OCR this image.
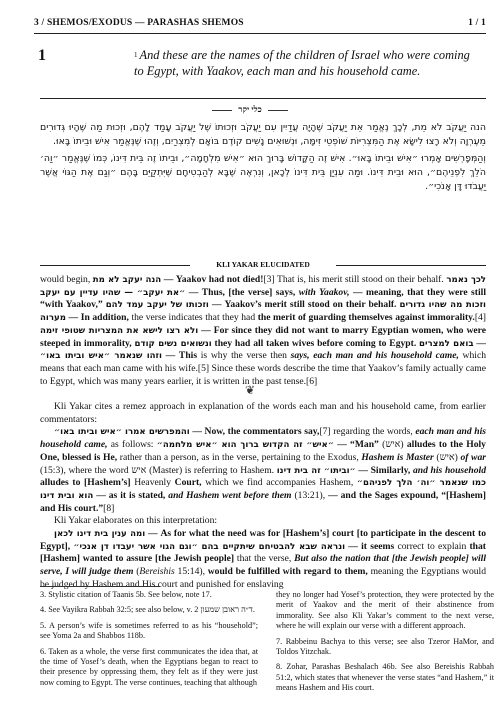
3 / SHEMOS/EXODUS — PARASHAS SHEMOS	1 / 1
1	$^1$ And these are the names of the children of Israel who were coming to Egypt, with Yaakov, each man and his household came.
כלי יקר

הנה יַעֲקֹב לֹא מֵת, לְכָךְ נֶאֱמַר אֵת יַעֲקֹב שֶׁהָיָה עֲדַיִין עִם יַעֲקֹב וּזְכוּתוֹ שֶׁל יַעֲקֹב עָמַד לָהֶם, וּזְכוּת מַה שֶּׁהָיוּ גְּדוּרִים מֵעֶרְוָה וְלֹא רָצוּ לִישָּׂא אֶת הַמִּצְרִיּוֹת שׁוֹפְטֵי זִימָּה, וּנְשׁוּאִים נָשִׁים קוֹדֶם בּוֹאָם לְמִצְרַיִם, וְזֶהוּ שֶׁנֶּאֱמַר אִישׁ וּבֵיתוֹ בָּאוּ.

וְהַמְּפָרְשִׁים אָמְרוּ ״אִישׁ וּבֵיתוֹ בָּאוּ״. אִישׁ זֶה הַקָּדוֹשׁ בָּרוּךְ הוּא ״אִישׁ מִלְחָמָה״, וּבֵיתוֹ זֶה בֵּית דִּינוֹ, כְּמוֹ שֶׁנֶּאֱמַר ״וַה׳ הֹלֵךְ לִפְנֵיהֶם״, הוּא וּבֵית דִּינוֹ. וּמַה עִנְיַן בֵּית דִּינוֹ לְכָאן, וְנִרְאֶה שֶׁבָּא לְהַבְטִיחָם שֶׁיִּתְקַיֵּם בָּהֶם ״וְגַם אֶת הַגּוֹי אֲשֶׁר יַעֲבֹדוּ דָּן אָנֹכִי״.

KLI YAKAR ELUCIDATED

would begin, הנה יעקב לא מת — Yaakov had not died![3] That is, his merit still stood on their behalf. לכך נאמר ״את יעקב״ — שהיו עדיין עם יעקב — Thus, [the verse] says, with Yaakov, — meaning, that they were still “with Yaakov,” וזכותו של יעקב עמד להם — Yaakov’s merit still stood on their behalf. וזכות מה שהיו גדורים מערוה — In addition, the verse indicates that they had the merit of guarding themselves against immorality.[4] ולא רצו לישא את המצריות שטופי זימה — For since they did not want to marry Egyptian women, who were steeped in immorality, ונשואים נשים קודם they had all taken wives before coming to Egypt. בואם למצרים — וזהו שנאמר ״איש וביתו באו״ — This is why the verse then says, each man and his household came, which means that each man came with his wife.[5] Since these words describe the time that Yaakov’s family actually came to Egypt, which was many years earlier, it is written in the past tense.[6]

❦

Kli Yakar cites a remez approach in explanation of the words each man and his household came, from earlier commentators:

והמפרשים אמרו ״איש וביתו באו״ — Now, the commentators say,[7] regarding the words, each man and his household came, as follows: ״איש״ זה הקדוש ברוך הוא ״איש מלחמה״ — “Man” (איש) alludes to the Holy One, blessed is He, rather than a person, as in the verse, pertaining to the Exodus, Hashem is Master (איש) of war (15:3), where the word איש (Master) is referring to Hashem. ״וביתו״ זה בית דינו — Similarly, and his household alludes to [Hashem’s] Heavenly Court, which we find accompanies Hashem, כמו שנאמר ״וה׳ הלך לפניהם״ הוא ובית דינו — as it is stated, and Hashem went before them (13:21), — and the Sages expound, “[Hashem] and His court.”[8]

Kli Yakar elaborates on this interpretation:

ומה ענין בית דינו לכאן — As for what the need was for [Hashem’s] court [to participate in the descent to Egypt], ונראה שבא להבטיחם שיתקיים בהם ״וגם הגוי אשר יעבדו דן אנכי״ — it seems correct to explain that [Hashem] wanted to assure [the Jewish people] that the verse, But also the nation that [the Jewish people] will serve, I will judge them (Bereishis 15:14), would be fulfilled with regard to them, meaning the Egyptians would be judged by Hashem and His court and punished for enslaving

3. Stylistic citation of Taanis 5b. See below, note 17.

4. See Vayikra Rabbah 32:5; see also below, v. 2 ד״ה ראובן שמעון.

5. A person’s wife is sometimes referred to as his “household”; see Yoma 2a and Shabbos 118b.

6. Taken as a whole, the verse first communicates the idea that, at the time of Yosef’s death, when the Egyptians began to react to their presence by oppressing them, they felt as if they were just now coming to Egypt. The verse continues, teaching that although

they no longer had Yosef’s protection, they were protected by the merit of Yaakov and the merit of their abstinence from immorality. See also Kli Yakar’s comment to the next verse, where he will explain our verse with a different approach.

7. Rabbeinu Bachya to this verse; see also Tzeror HaMor, and Toldos Yitzchak.

8. Zohar, Parashas Beshalach 46b. See also Bereishis Rabbah 51:2, which states that whenever the verse states “and Hashem,” it means Hashem and His court.
